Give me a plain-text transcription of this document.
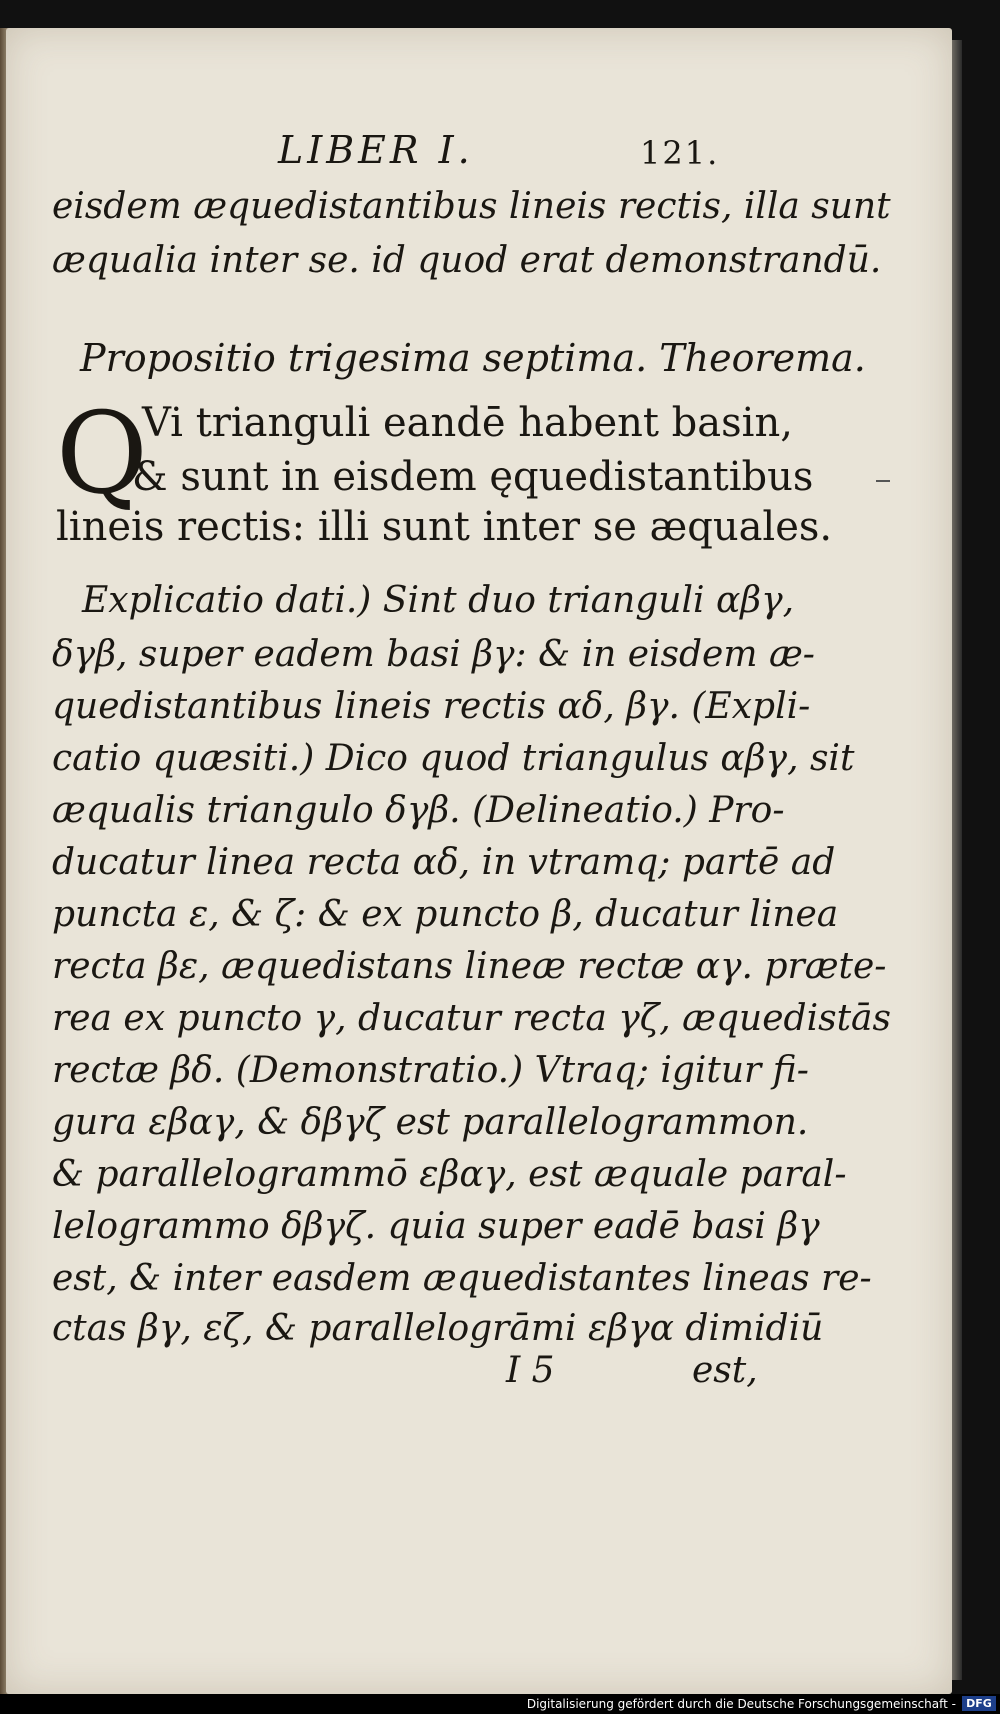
LIBER I.	121.
eisdem æquedistantibus lineis rectis, illa sunt
æqualia inter se. id quod erat demonstrandū.
Propositio trigesima septima. Theorema.
Q
Vi trianguli eandē habent basin,
& sunt in eisdem ęquedistantibus
lineis rectis: illi sunt inter se æquales.
Explicatio dati.) Sint duo trianguli αβγ,
δγβ, super eadem basi βγ: & in eisdem æ-
quedistantibus lineis rectis αδ, βγ. (Expli-
catio quæsiti.) Dico quod triangulus αβγ, sit
æqualis triangulo δγβ. (Delineatio.) Pro-
ducatur linea recta αδ, in vtramq; partē ad
puncta ε, & ζ: & ex puncto β, ducatur linea
recta βε, æquedistans lineæ rectæ αγ. præte-
rea ex puncto γ, ducatur recta γζ, æquedistās
rectæ βδ. (Demonstratio.) Vtraq; igitur fi-
gura εβαγ, & δβγζ est parallelogrammon.
& parallelogrammō εβαγ, est æquale paral-
lelogrammo δβγζ. quia super eadē basi βγ
est, & inter easdem æquedistantes lineas re-
ctas βγ, εζ, & parallelogrāmi εβγα dimidiū
I 5	est,
Digitalisierung gefördert durch die Deutsche Forschungsgemeinschaft - DFG
